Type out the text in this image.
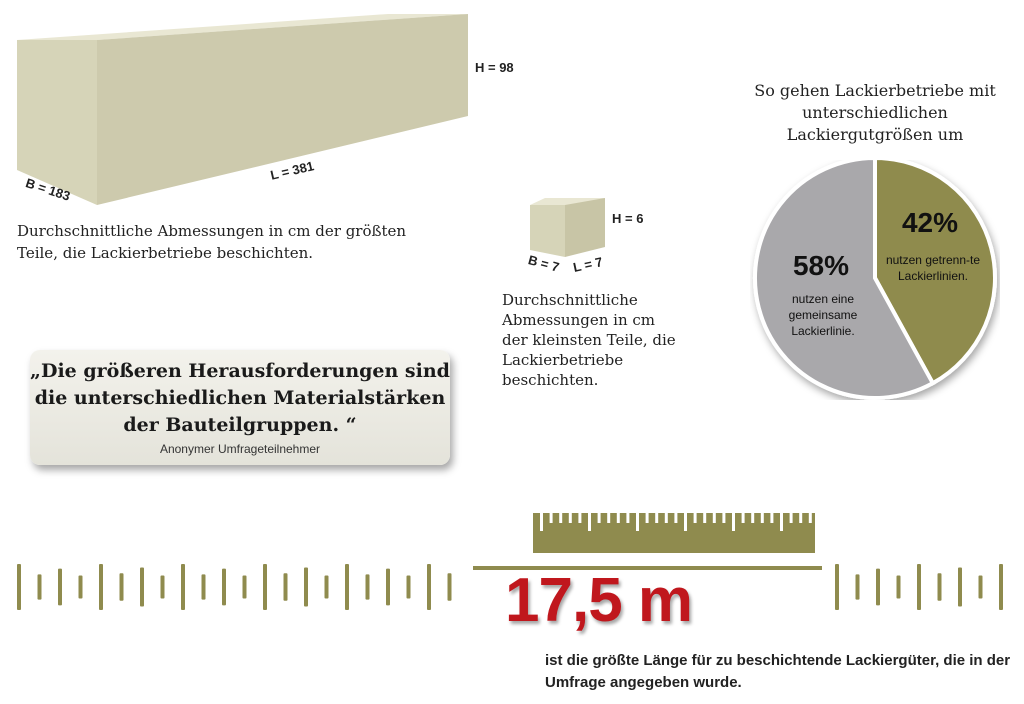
H = 98
L = 381
B = 183
Durchschnittliche Abmessungen in cm der größten Teile, die Lackierbetriebe beschichten.
H = 6
B = 7 L = 7
Durchschnittliche Abmessungen in cm der kleinsten Teile, die Lackierbetriebe beschichten.
„Die größeren Herausforderungen sind die unterschiedlichen Materialstärken der Bauteilgruppen. “
Anonymer Umfrageteilnehmer
So gehen Lackierbetriebe mit unterschiedlichen Lackiergutgrößen um
42%
nutzen getrenn-te Lackierlinien.
58%
nutzen eine gemeinsame Lackierlinie.
17,5 m
ist die größte Länge für zu beschichtende Lackiergüter, die in der Umfrage angegeben wurde.
